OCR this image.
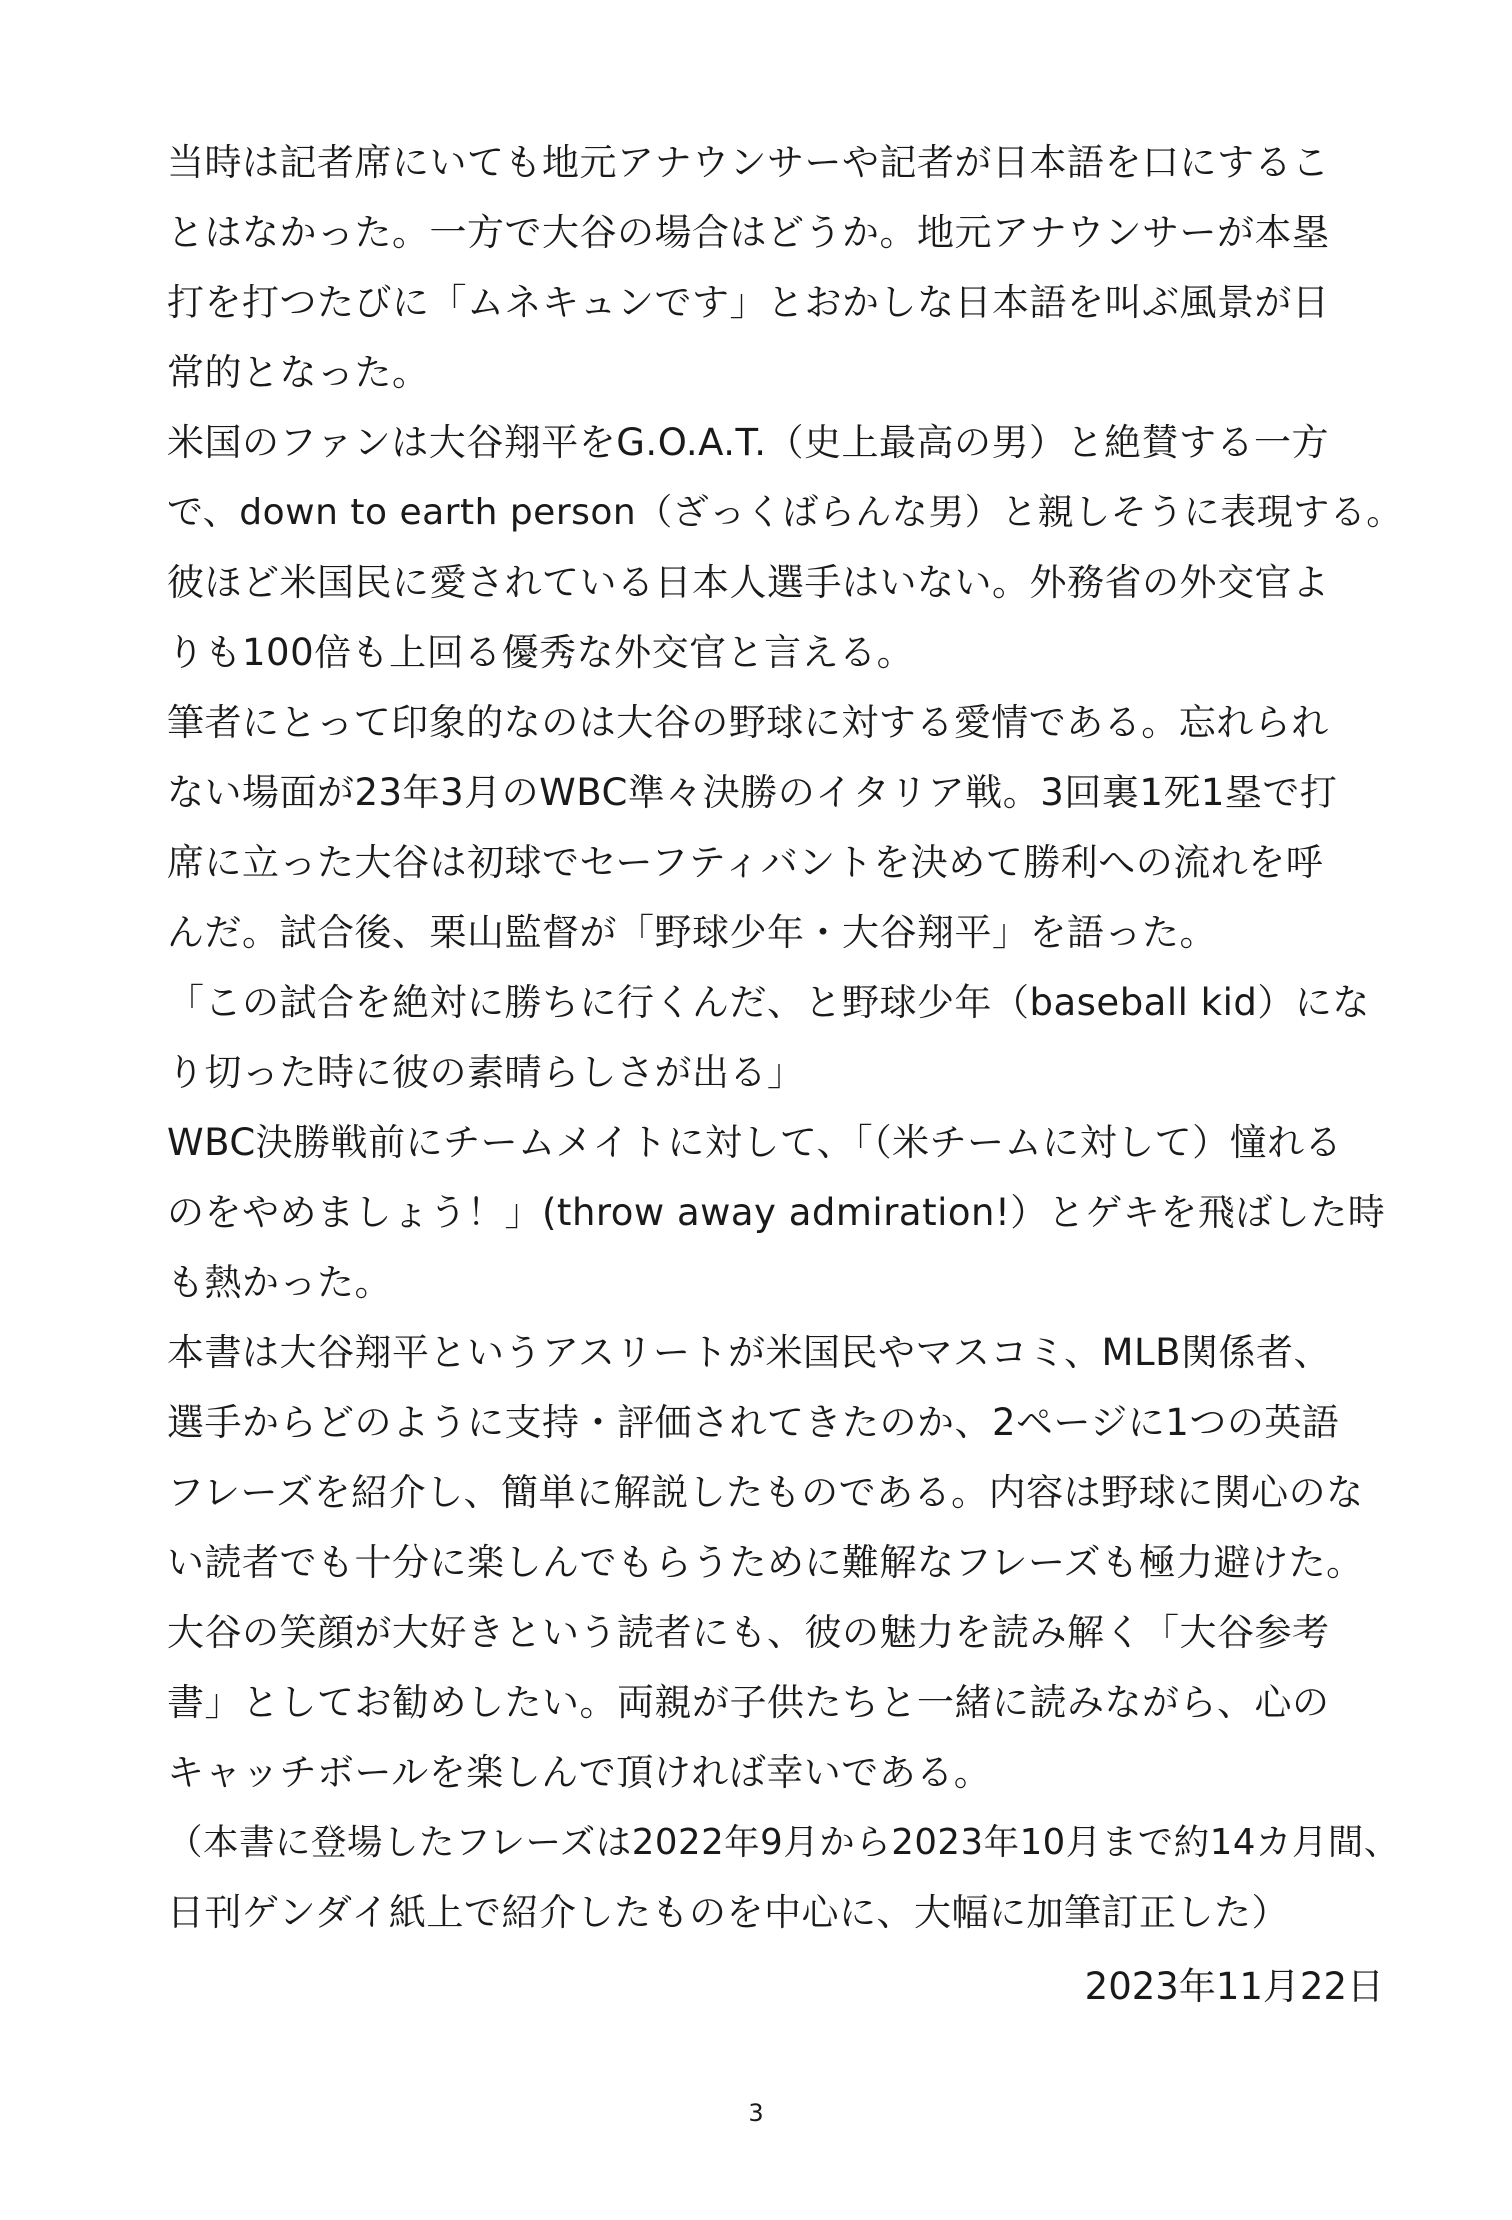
当時は記者席にいても地元アナウンサーや記者が日本語を口にするこ
とはなかった。一方で大谷の場合はどうか。地元アナウンサーが本塁
打を打つたびに「ムネキュンです」とおかしな日本語を叫ぶ風景が日
常的となった。
米国のファンは大谷翔平をG.O.A.T.（史上最高の男）と絶賛する一方
で、down to earth person（ざっくばらんな男）と親しそうに表現する。
彼ほど米国民に愛されている日本人選手はいない。外務省の外交官よ
りも100倍も上回る優秀な外交官と言える。
筆者にとって印象的なのは大谷の野球に対する愛情である。忘れられ
ない場面が23年3月のWBC準々決勝のイタリア戦。3回裏1死1塁で打
席に立った大谷は初球でセーフティバントを決めて勝利への流れを呼
んだ。試合後、栗山監督が「野球少年・大谷翔平」を語った。
「この試合を絶対に勝ちに行くんだ、と野球少年（baseball kid）にな
り切った時に彼の素晴らしさが出る」
WBC決勝戦前にチームメイトに対して、「（米チームに対して）憧れる
のをやめましょう！」(throw away admiration!）とゲキを飛ばした時
も熱かった。
本書は大谷翔平というアスリートが米国民やマスコミ、MLB関係者、
選手からどのように支持・評価されてきたのか、2ページに1つの英語
フレーズを紹介し、簡単に解説したものである。内容は野球に関心のな
い読者でも十分に楽しんでもらうために難解なフレーズも極力避けた。
大谷の笑顔が大好きという読者にも、彼の魅力を読み解く「大谷参考
書」としてお勧めしたい。両親が子供たちと一緒に読みながら、心の
キャッチボールを楽しんで頂ければ幸いである。
（本書に登場したフレーズは2022年9月から2023年10月まで約14カ月間、
日刊ゲンダイ紙上で紹介したものを中心に、大幅に加筆訂正した）
2023年11月22日
3
